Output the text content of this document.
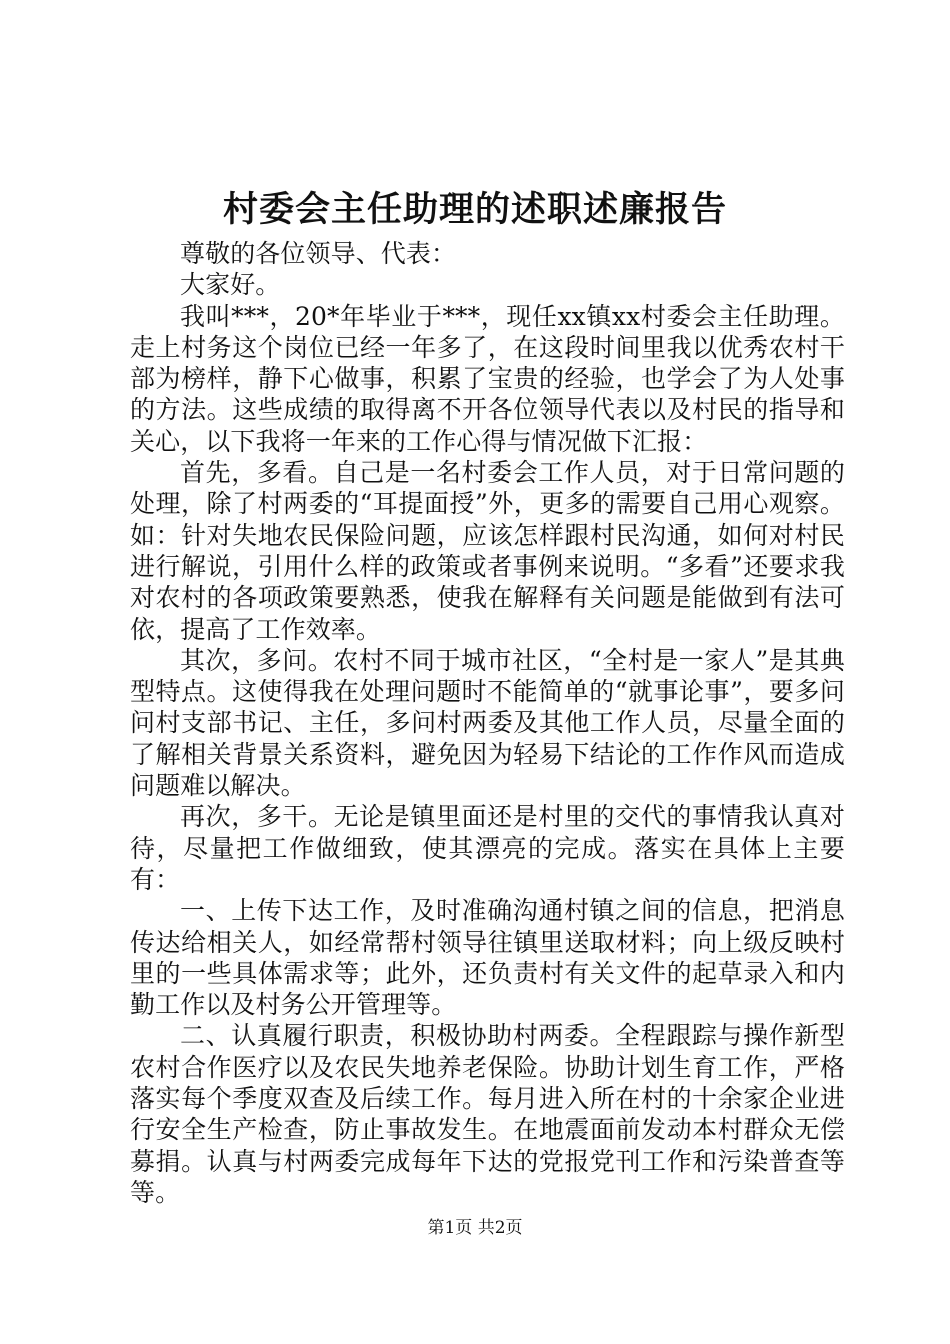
村委会主任助理的述职述廉报告

尊敬的各位领导、代表：

大家好。

我叫***，20*年毕业于***，现任xx镇xx村委会主任助理。走上村务这个岗位已经一年多了，在这段时间里我以优秀农村干部为榜样，静下心做事，积累了宝贵的经验，也学会了为人处事的方法。这些成绩的取得离不开各位领导代表以及村民的指导和关心，以下我将一年来的工作心得与情况做下汇报：

首先，多看。自己是一名村委会工作人员，对于日常问题的处理，除了村两委的“耳提面授”外，更多的需要自己用心观察。如：针对失地农民保险问题，应该怎样跟村民沟通，如何对村民进行解说，引用什么样的政策或者事例来说明。“多看”还要求我对农村的各项政策要熟悉，使我在解释有关问题是能做到有法可依，提高了工作效率。

其次，多问。农村不同于城市社区，“全村是一家人”是其典型特点。这使得我在处理问题时不能简单的“就事论事”，要多问问村支部书记、主任，多问村两委及其他工作人员，尽量全面的了解相关背景关系资料，避免因为轻易下结论的工作作风而造成问题难以解决。

再次，多干。无论是镇里面还是村里的交代的事情我认真对待，尽量把工作做细致，使其漂亮的完成。落实在具体上主要有：

一、上传下达工作，及时准确沟通村镇之间的信息，把消息传达给相关人，如经常帮村领导往镇里送取材料；向上级反映村里的一些具体需求等；此外，还负责村有关文件的起草录入和内勤工作以及村务公开管理等。

二、认真履行职责，积极协助村两委。全程跟踪与操作新型农村合作医疗以及农民失地养老保险。协助计划生育工作，严格落实每个季度双查及后续工作。每月进入所在村的十余家企业进行安全生产检查，防止事故发生。在地震面前发动本村群众无偿募捐。认真与村两委完成每年下达的党报党刊工作和污染普查等等。

第1页 共2页
